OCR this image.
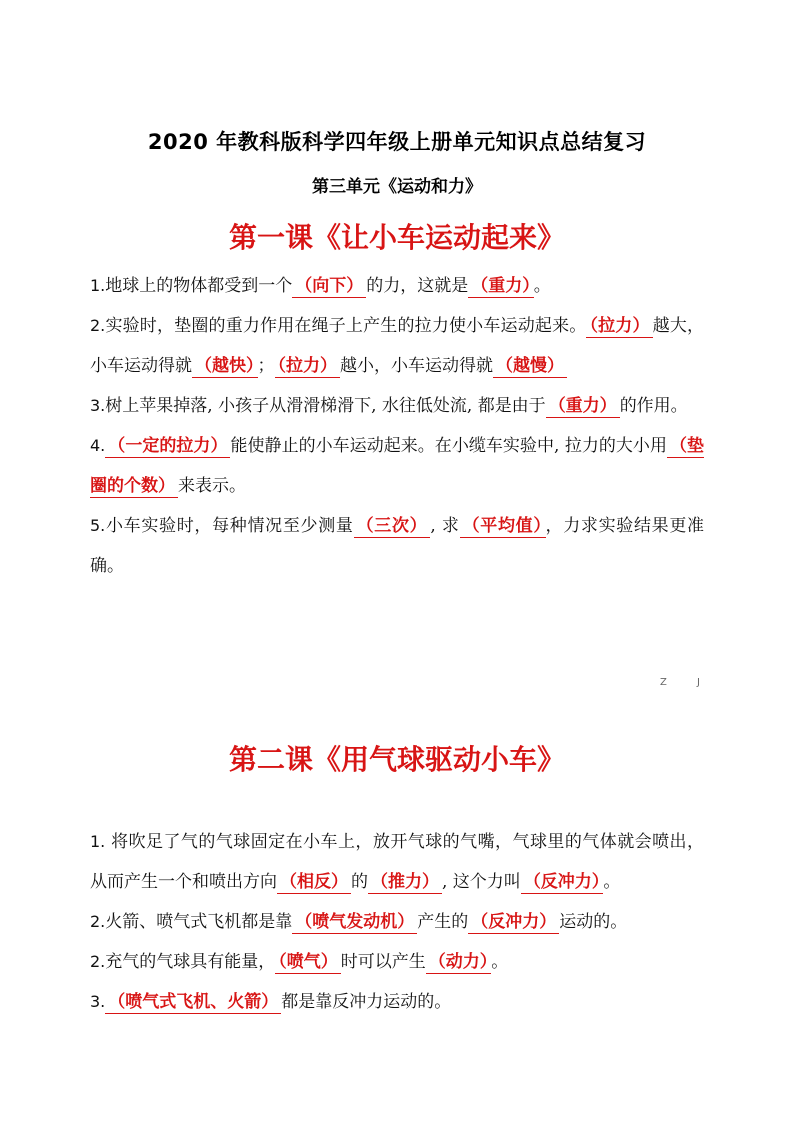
2020 年教科版科学四年级上册单元知识点总结复习
第三单元《运动和力》
第一课《让小车运动起来》

1.地球上的物体都受到一个 （向下） 的力，这就是 （重力） 。

2.实验时，垫圈的重力作用在绳子上产生的拉力使小车运动起来。 （拉力） 越大，小车运动得就 （越快） ； （拉力） 越小，小车运动得就 （越慢）

3.树上苹果掉落, 小孩子从滑滑梯滑下, 水往低处流, 都是由于 （重力） 的作用。

4. （一定的拉力） 能使静止的小车运动起来。在小缆车实验中, 拉力的大小用 （垫圈的个数） 来表示。

5.小车实验时，每种情况至少测量 （三次） , 求 （平均值） ，力求实验结果更准确。

Z	J
第二课《用气球驱动小车》

1. 将吹足了气的气球固定在小车上，放开气球的气嘴，气球里的气体就会喷出，从而产生一个和喷出方向 （相反） 的 （推力） , 这个力叫 （反冲力） 。

2.火箭、喷气式飞机都是靠 （喷气发动机） 产生的 （反冲力） 运动的。

2.充气的气球具有能量， （喷气） 时可以产生 （动力） 。

3. （喷气式飞机、火箭） 都是靠反冲力运动的。
